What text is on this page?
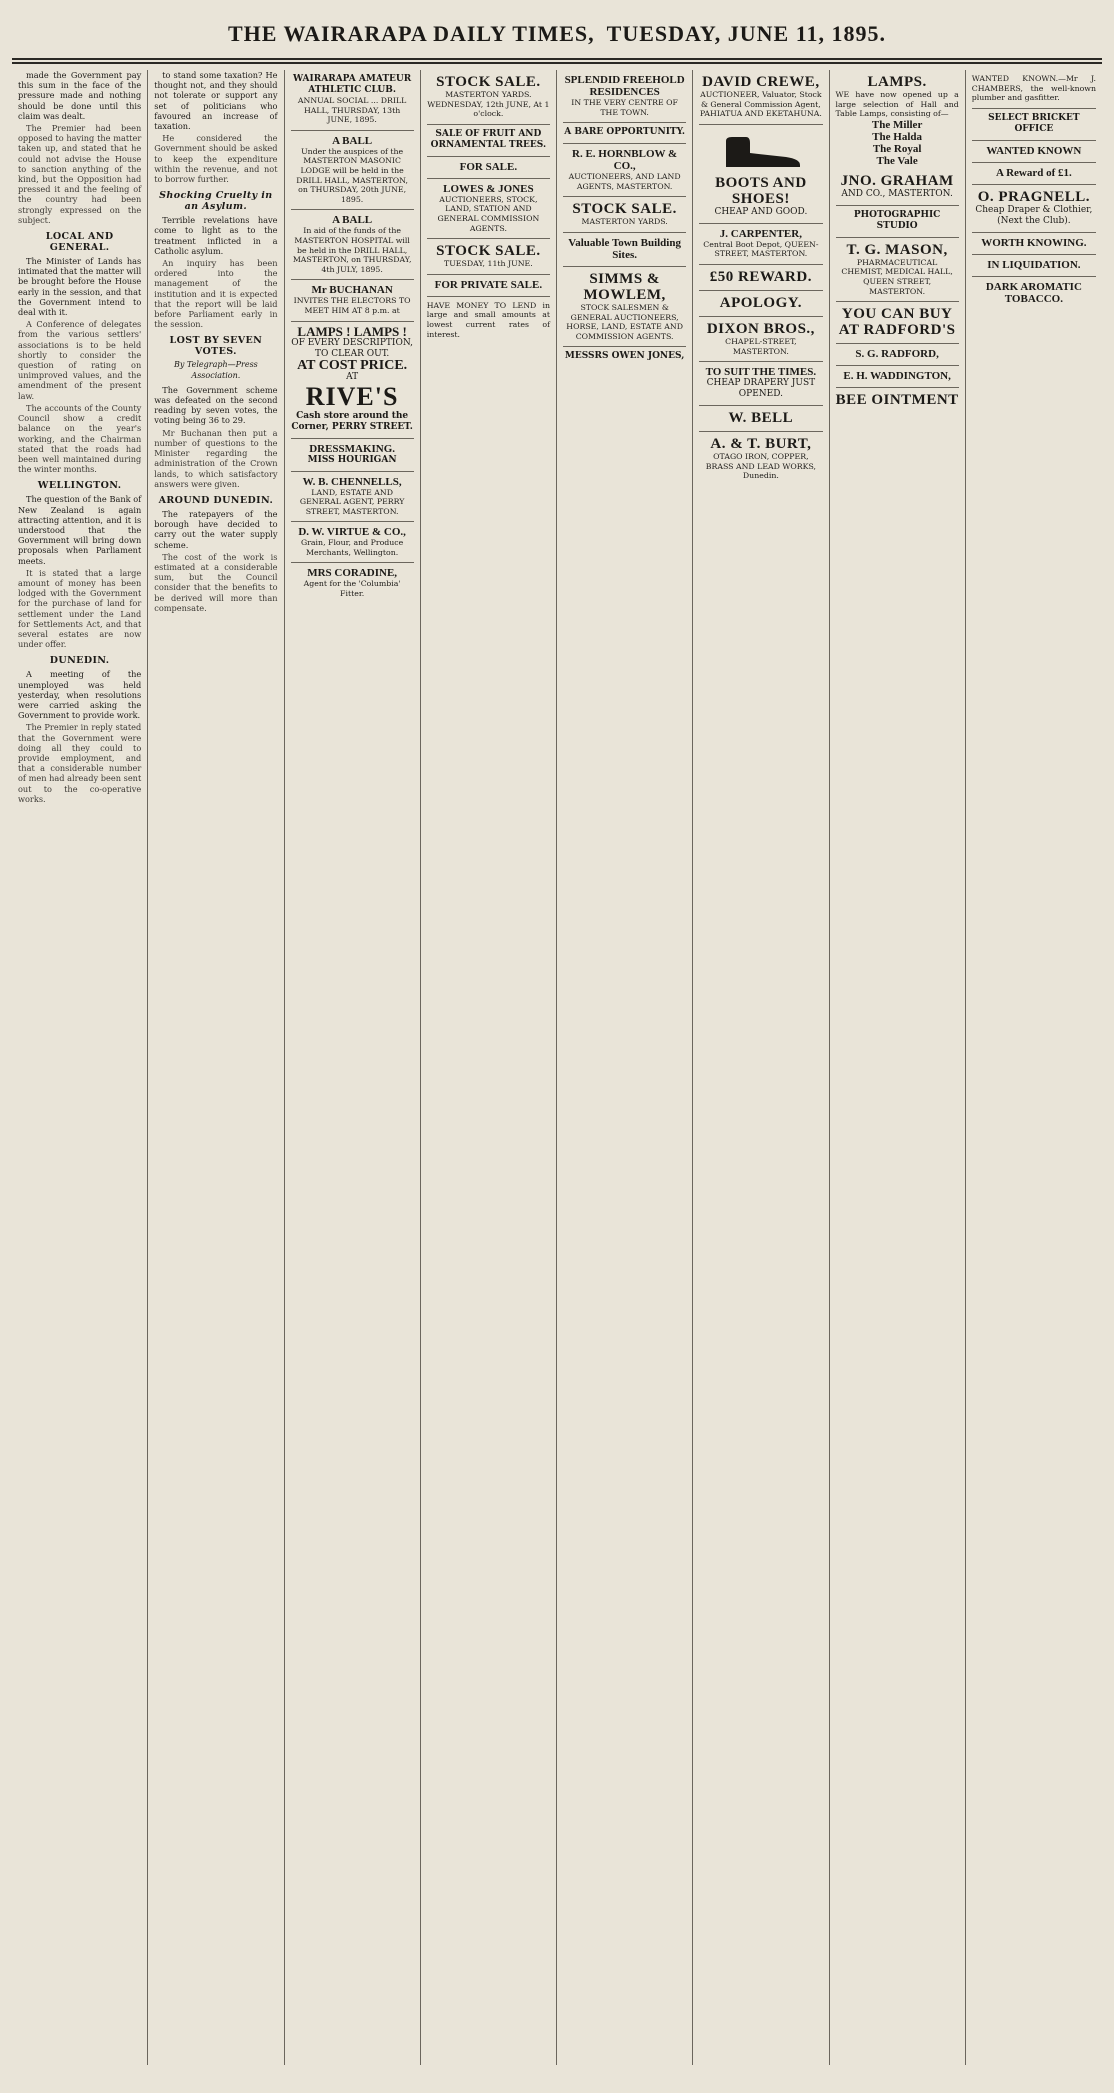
THE WAIRARAPA DAILY TIMES, TUESDAY, JUNE 11, 1895.

made the Government pay this sum in the face of the pressure made and nothing should be done until this claim was dealt.

The Premier had been opposed to having the matter taken up, and stated that he could not advise the House to sanction anything of the kind, but the Opposition had pressed it and the feeling of the country had been strongly expressed on the subject.

LOCAL AND GENERAL.

The Minister of Lands has intimated that the matter will be brought before the House early in the session, and that the Government intend to deal with it.

A Conference of delegates from the various settlers' associations is to be held shortly to consider the question of rating on unimproved values, and the amendment of the present law.

The accounts of the County Council show a credit balance on the year's working, and the Chairman stated that the roads had been well maintained during the winter months.

WELLINGTON.

The question of the Bank of New Zealand is again attracting attention, and it is understood that the Government will bring down proposals when Parliament meets.

It is stated that a large amount of money has been lodged with the Government for the purchase of land for settlement under the Land for Settlements Act, and that several estates are now under offer.

DUNEDIN.

A meeting of the unemployed was held yesterday, when resolutions were carried asking the Government to provide work.

The Premier in reply stated that the Government were doing all they could to provide employment, and that a considerable number of men had already been sent out to the co-operative works.

to stand some taxation? He thought not, and they should not tolerate or support any set of politicians who favoured an increase of taxation.

He considered the Government should be asked to keep the expenditure within the revenue, and not to borrow further.

Shocking Cruelty in an Asylum.

Terrible revelations have come to light as to the treatment inflicted in a Catholic asylum.

An inquiry has been ordered into the management of the institution and it is expected that the report will be laid before Parliament early in the session.

LOST BY SEVEN VOTES.
By Telegraph—Press Association.

The Government scheme was defeated on the second reading by seven votes, the voting being 36 to 29.

Mr Buchanan then put a number of questions to the Minister regarding the administration of the Crown lands, to which satisfactory answers were given.

AROUND DUNEDIN.

The ratepayers of the borough have decided to carry out the water supply scheme.

The cost of the work is estimated at a considerable sum, but the Council consider that the benefits to be derived will more than compensate.

WAIRARAPA AMATEUR ATHLETIC CLUB.
ANNUAL SOCIAL ... DRILL HALL, THURSDAY, 13th JUNE, 1895.
A BALL
Under the auspices of the MASTERTON MASONIC LODGE will be held in the DRILL HALL, MASTERTON, on THURSDAY, 20th JUNE, 1895.
A BALL
In aid of the funds of the MASTERTON HOSPITAL will be held in the DRILL HALL, MASTERTON, on THURSDAY, 4th JULY, 1895.
Mr BUCHANAN
INVITES THE ELECTORS TO MEET HIM AT 8 p.m. at
LAMPS ! LAMPS !
OF EVERY DESCRIPTION, TO CLEAR OUT.
AT COST PRICE.
AT
RIVE'S
Cash store around the Corner, PERRY STREET.
DRESSMAKING.
MISS HOURIGAN
W. B. CHENNELLS,
LAND, ESTATE AND GENERAL AGENT, PERRY STREET, MASTERTON.
D. W. VIRTUE & CO.,
Grain, Flour, and Produce Merchants, Wellington.
MRS CORADINE,
Agent for the 'Columbia' Fitter.
STOCK SALE.
MASTERTON YARDS. WEDNESDAY, 12th JUNE, At 1 o'clock.
SALE OF FRUIT AND ORNAMENTAL TREES.
FOR SALE.
LOWES & JONES
AUCTIONEERS, STOCK, LAND, STATION AND GENERAL COMMISSION AGENTS.
STOCK SALE.
TUESDAY, 11th JUNE.
FOR PRIVATE SALE.
HAVE MONEY TO LEND in large and small amounts at lowest current rates of interest.
SPLENDID FREEHOLD RESIDENCES
IN THE VERY CENTRE OF THE TOWN.
A BARE OPPORTUNITY.
R. E. HORNBLOW & CO.,
AUCTIONEERS, AND LAND AGENTS, MASTERTON.
STOCK SALE.
MASTERTON YARDS.
Valuable Town Building Sites.
SIMMS & MOWLEM,
STOCK SALESMEN & GENERAL AUCTIONEERS, HORSE, LAND, ESTATE AND COMMISSION AGENTS.
MESSRS OWEN JONES,
DAVID CREWE,
AUCTIONEER, Valuator, Stock & General Commission Agent, PAHIATUA AND EKETAHUNA.
BOOTS AND SHOES!
CHEAP AND GOOD.
J. CARPENTER,
Central Boot Depot, QUEEN-STREET, MASTERTON.
£50 REWARD.
APOLOGY.
DIXON BROS.,
CHAPEL-STREET, MASTERTON.
TO SUIT THE TIMES.
CHEAP DRAPERY JUST OPENED.
W. BELL
A. & T. BURT,
OTAGO IRON, COPPER, BRASS AND LEAD WORKS, Dunedin.
LAMPS.
WE have now opened up a large selection of Hall and Table Lamps, consisting of—
The Miller
The Halda
The Royal
The Vale
JNO. GRAHAM
AND CO., MASTERTON.
PHOTOGRAPHIC STUDIO
T. G. MASON,
PHARMACEUTICAL CHEMIST, MEDICAL HALL, QUEEN STREET, MASTERTON.
YOU CAN BUY AT RADFORD'S
S. G. RADFORD,
E. H. WADDINGTON,
BEE OINTMENT
WANTED KNOWN.—Mr J. CHAMBERS, the well-known plumber and gasfitter.
SELECT BRICKET OFFICE
WANTED KNOWN
A Reward of £1.
O. PRAGNELL.
Cheap Draper & Clothier, (Next the Club).
WORTH KNOWING.
IN LIQUIDATION.
DARK AROMATIC TOBACCO.
